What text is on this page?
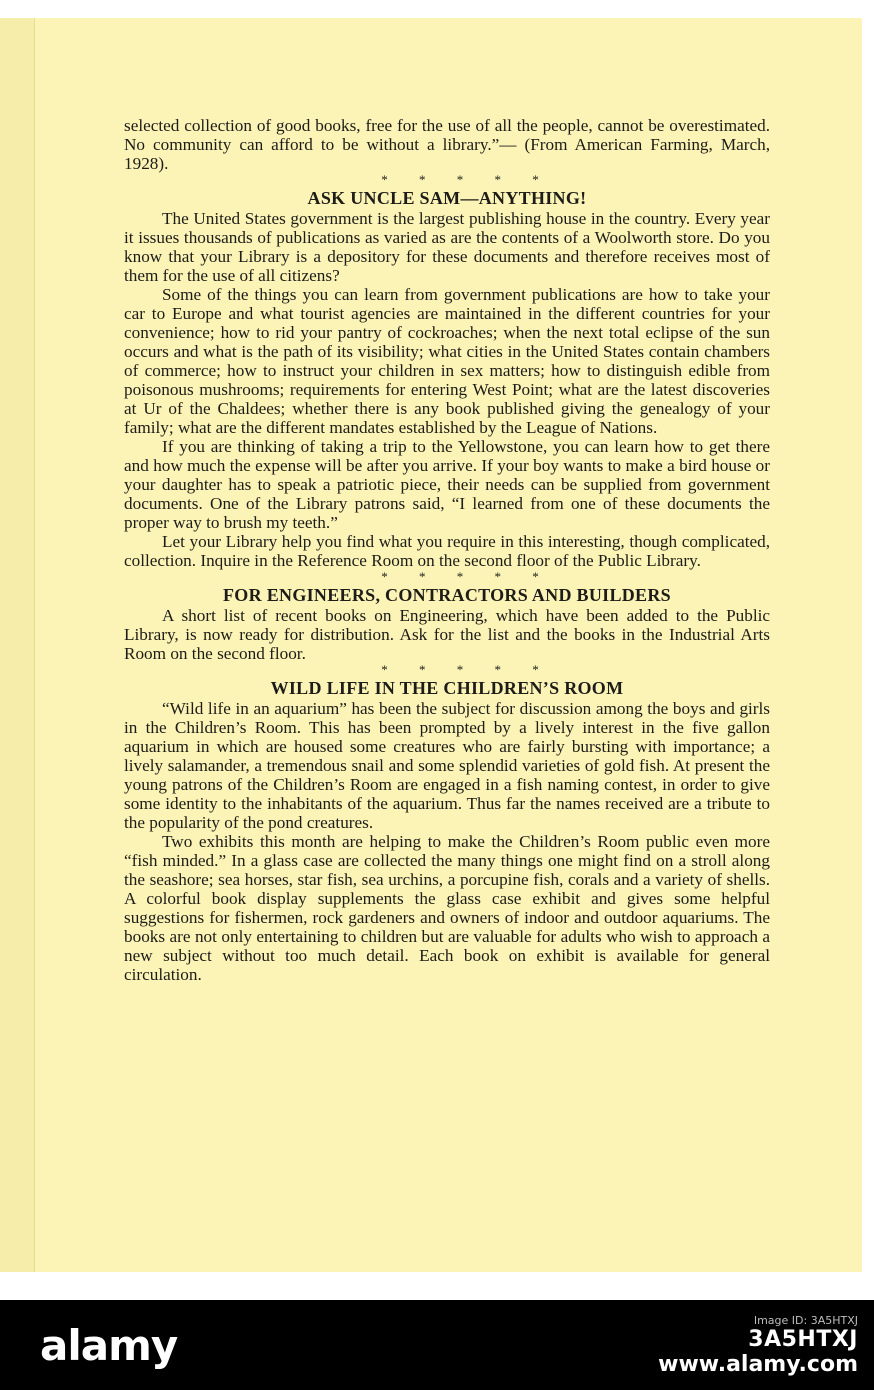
selected collection of good books, free for the use of all the people, cannot be overestimated. No community can afford to be without a library.”— (From American Farming, March, 1928).

* * * * *
ASK UNCLE SAM—ANYTHING!

The United States government is the largest publishing house in the country. Every year it issues thousands of publications as varied as are the contents of a Woolworth store. Do you know that your Library is a depository for these documents and therefore receives most of them for the use of all citizens?

Some of the things you can learn from government publications are how to take your car to Europe and what tourist agencies are maintained in the different countries for your convenience; how to rid your pantry of cockroaches; when the next total eclipse of the sun occurs and what is the path of its visibility; what cities in the United States contain chambers of commerce; how to instruct your children in sex matters; how to distinguish edible from poisonous mushrooms; requirements for entering West Point; what are the latest discoveries at Ur of the Chaldees; whether there is any book published giving the genealogy of your family; what are the different mandates established by the League of Nations.

If you are thinking of taking a trip to the Yellowstone, you can learn how to get there and how much the expense will be after you arrive. If your boy wants to make a bird house or your daughter has to speak a patriotic piece, their needs can be supplied from government documents. One of the Library patrons said, “I learned from one of these documents the proper way to brush my teeth.”

Let your Library help you find what you require in this interesting, though complicated, collection. Inquire in the Reference Room on the second floor of the Public Library.

* * * * *
FOR ENGINEERS, CONTRACTORS AND BUILDERS

A short list of recent books on Engineering, which have been added to the Public Library, is now ready for distribution. Ask for the list and the books in the Industrial Arts Room on the second floor.

* * * * *
WILD LIFE IN THE CHILDREN’S ROOM

“Wild life in an aquarium” has been the subject for discussion among the boys and girls in the Children’s Room. This has been prompted by a lively interest in the five gallon aquarium in which are housed some creatures who are fairly bursting with importance; a lively salamander, a tremendous snail and some splendid varieties of gold fish. At present the young patrons of the Children’s Room are engaged in a fish naming contest, in order to give some identity to the inhabitants of the aquarium. Thus far the names received are a tribute to the popularity of the pond creatures.

Two exhibits this month are helping to make the Children’s Room public even more “fish minded.” In a glass case are collected the many things one might find on a stroll along the seashore; sea horses, star fish, sea urchins, a porcupine fish, corals and a variety of shells. A colorful book display supplements the glass case exhibit and gives some helpful suggestions for fishermen, rock gardeners and owners of indoor and outdoor aquariums. The books are not only entertaining to children but are valuable for adults who wish to approach a new subject without too much detail. Each book on exhibit is available for general circulation.

alamy
Image ID: 3A5HTXJ
3A5HTXJ
www.alamy.com
